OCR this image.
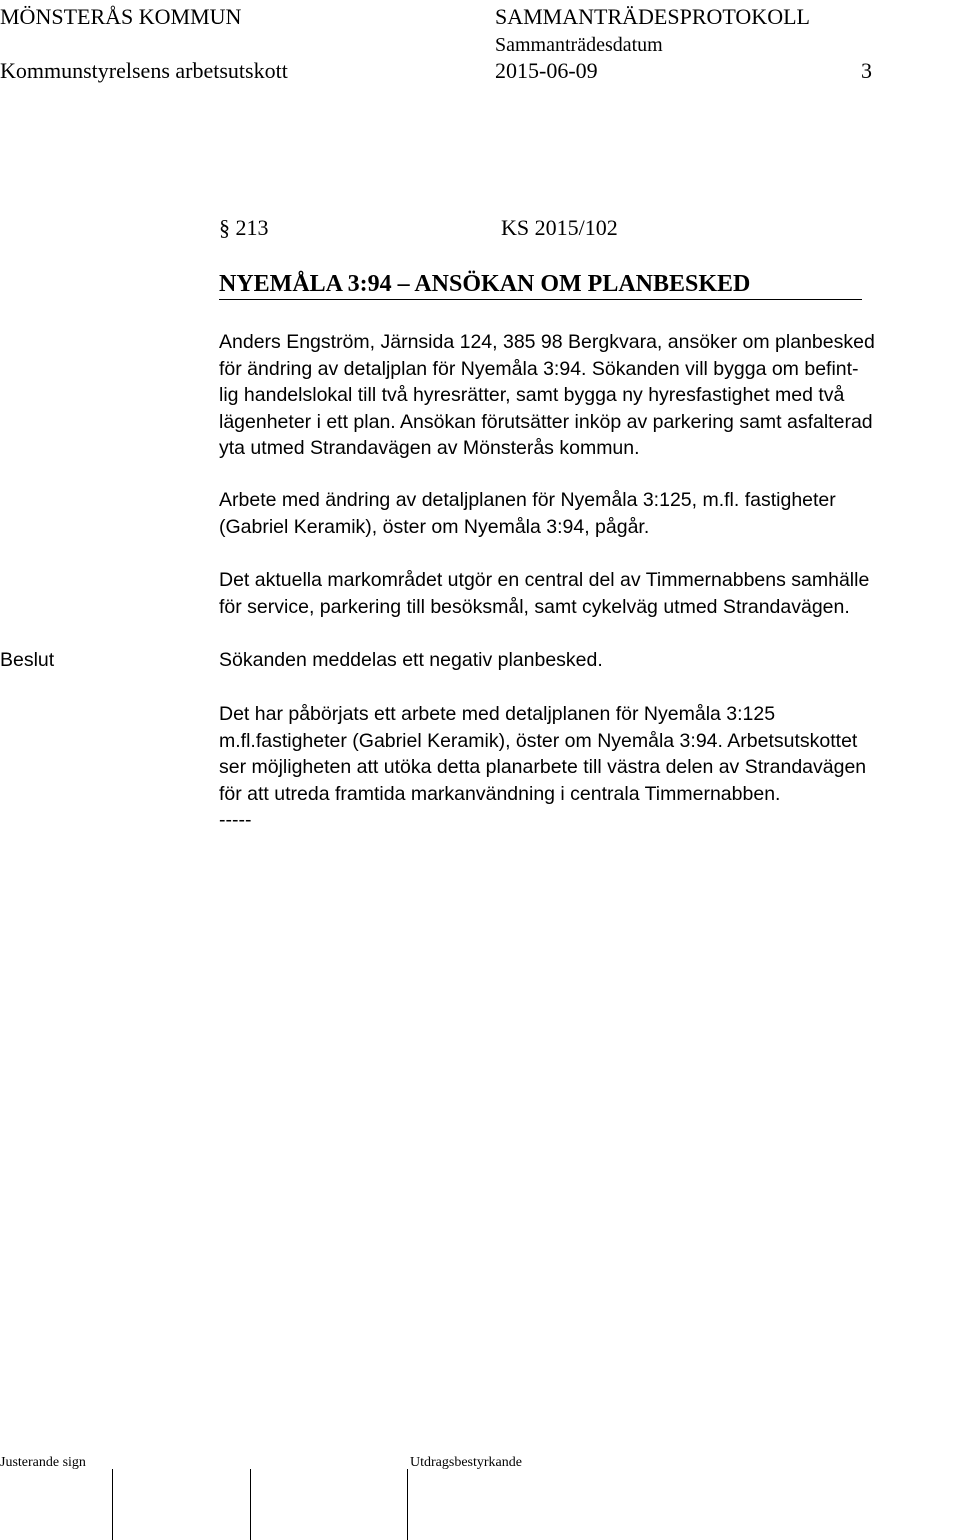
MÖNSTERÅS KOMMUN	SAMMANTRÄDESPROTOKOLL
Sammanträdesdatum
Kommunstyrelsens arbetsutskott	2015-06-09	3
§ 213	KS 2015/102
NYEMÅLA 3:94 – ANSÖKAN OM PLANBESKED
Anders Engström, Järnsida 124, 385 98 Bergkvara, ansöker om planbesked
för ändring av detaljplan för Nyemåla 3:94. Sökanden vill bygga om befint-
lig handelslokal till två hyresrätter, samt bygga ny hyresfastighet med två
lägenheter i ett plan. Ansökan förutsätter inköp av parkering samt asfalterad
yta utmed Strandavägen av Mönsterås kommun.
Arbete med ändring av detaljplanen för Nyemåla 3:125, m.fl. fastigheter
(Gabriel Keramik), öster om Nyemåla 3:94, pågår.
Det aktuella markområdet utgör en central del av Timmernabbens samhälle
för service, parkering till besöksmål, samt cykelväg utmed Strandavägen.
Beslut	Sökanden meddelas ett negativ planbesked.
Det har påbörjats ett arbete med detaljplanen för Nyemåla 3:125
m.fl.fastigheter (Gabriel Keramik), öster om Nyemåla 3:94. Arbetsutskottet
ser möjligheten att utöka detta planarbete till västra delen av Strandavägen
för att utreda framtida markanvändning i centrala Timmernabben.
-----
Justerande sign	Utdragsbestyrkande
